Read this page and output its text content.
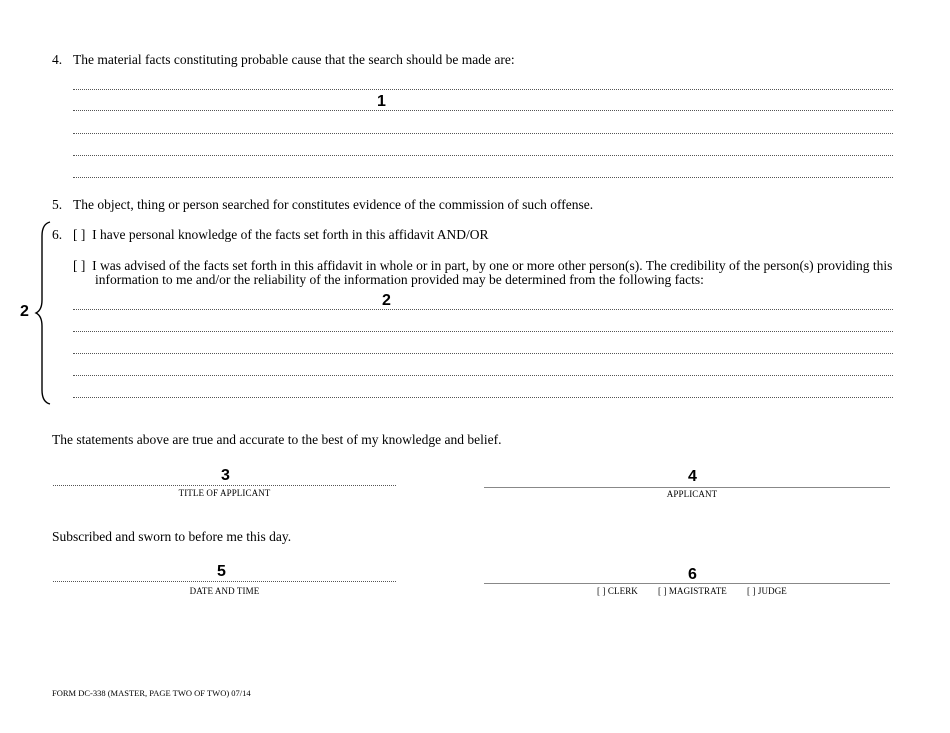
4. The material facts constituting probable cause that the search should be made are:
1
5. The object, thing or person searched for constitutes evidence of the commission of such offense.
2
6. [ ] I have personal knowledge of the facts set forth in this affidavit AND/OR
[ ] I was advised of the facts set forth in this affidavit in whole or in part, by one or more other person(s). The credibility of the person(s) providing this
information to me and/or the reliability of the information provided may be determined from the following facts:
2
The statements above are true and accurate to the best of my knowledge and belief.
3
TITLE OF APPLICANT
4
APPLICANT
Subscribed and sworn to before me this day.
5
DATE AND TIME
6
[ ] CLERK [ ] MAGISTRATE [ ] JUDGE
FORM DC-338 (MASTER, PAGE TWO OF TWO) 07/14
